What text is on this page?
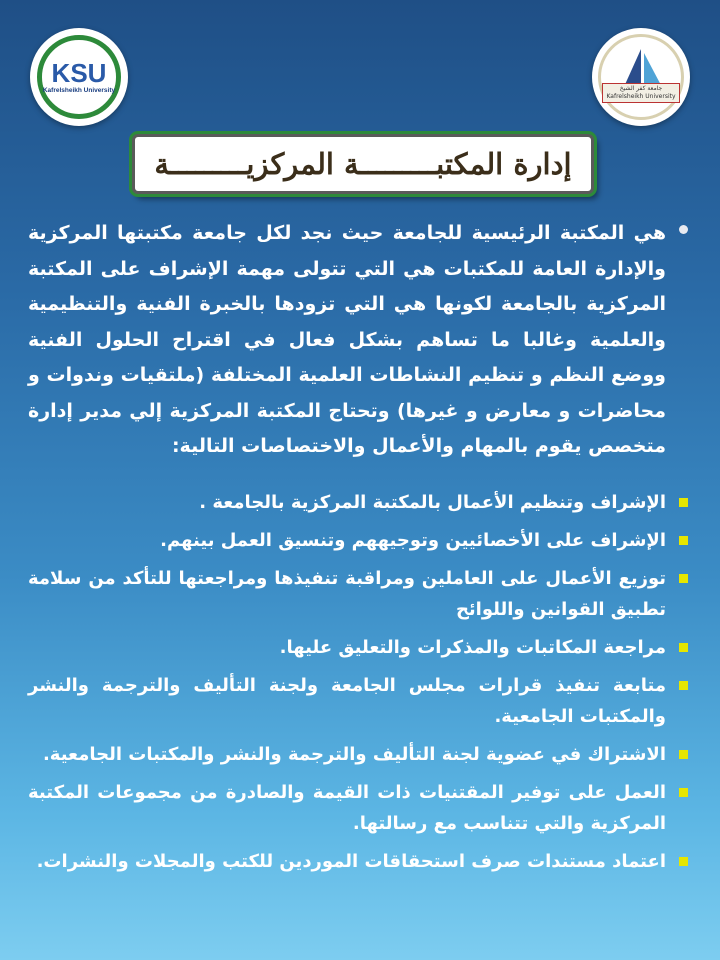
KSU
Kafrelsheikh University	جامعة كفر الشيخ
Kafrelsheikh University
إدارة المكتبـــــــــة المركزيـــــــــة

هي المكتبة الرئيسية للجامعة حيث نجد لكل جامعة مكتبتها المركزية والإدارة العامة للمكتبات هي التي تتولى مهمة الإشراف على المكتبة المركزية بالجامعة لكونها هي التي تزودها بالخبرة الفنية والتنظيمية والعلمية وغالبا ما تساهم بشكل فعال في اقتراح الحلول الفنية ووضع النظم و تنظيم النشاطات العلمية المختلفة (ملتقيات وندوات و محاضرات و معارض و غيرها) وتحتاج المكتبة المركزية إلي مدير إدارة متخصص يقوم بالمهام والأعمال والاختصاصات التالية:

الإشراف وتنظيم الأعمال بالمكتبة المركزية بالجامعة .
الإشراف على الأخصائيين وتوجيههم وتنسيق العمل بينهم.
توزيع الأعمال على العاملين ومراقبة تنفيذها ومراجعتها للتأكد من سلامة تطبيق القوانين واللوائح
مراجعة المكاتبات والمذكرات والتعليق عليها.
متابعة تنفيذ قرارات مجلس الجامعة ولجنة التأليف والترجمة والنشر والمكتبات الجامعية.
الاشتراك في عضوية لجنة التأليف والترجمة والنشر والمكتبات الجامعية.
العمل على توفير المقتنيات ذات القيمة والصادرة من مجموعات المكتبة المركزية والتي تتناسب مع رسالتها.
اعتماد مستندات صرف استحقاقات الموردين للكتب والمجلات والنشرات.
